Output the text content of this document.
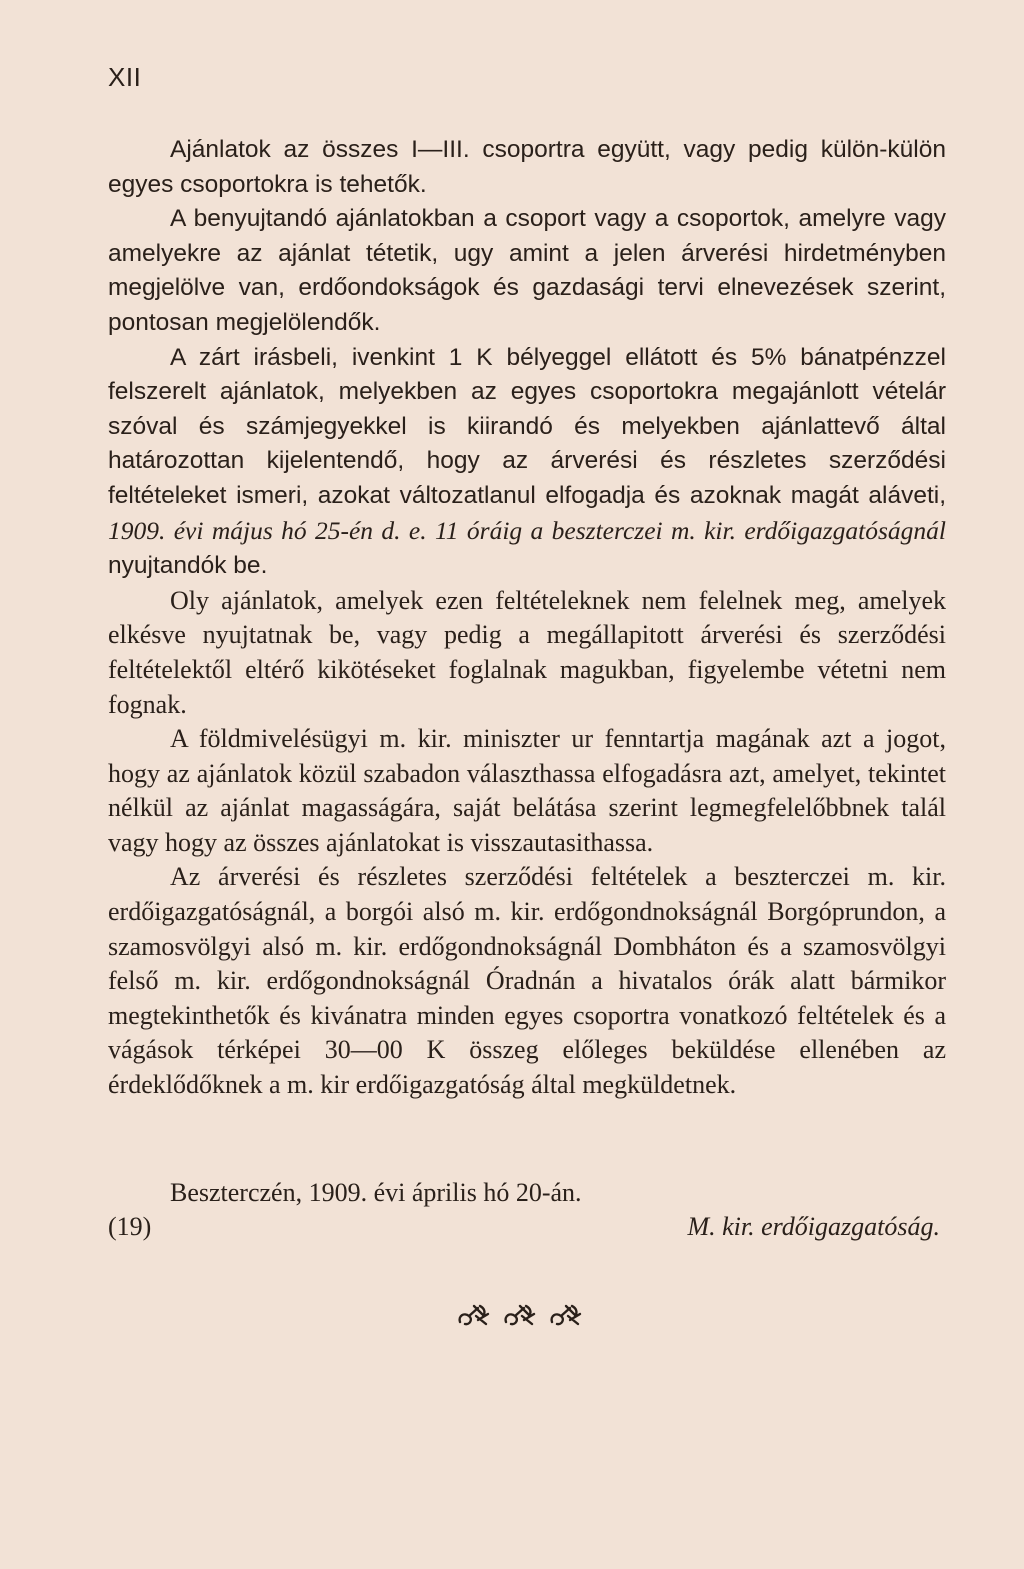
XII

Ajánlatok az összes I—III. csoportra együtt, vagy pedig külön-külön egyes csoportokra is tehetők.

A benyujtandó ajánlatokban a csoport vagy a csoportok, amelyre vagy amelyekre az ajánlat tétetik, ugy amint a jelen árverési hirdetményben megjelölve van, erdőondokságok és gazdasági tervi elnevezések szerint, pontosan megjelölendők.

A zárt irásbeli, ivenkint 1 K bélyeggel ellátott és 5% bánatpénzzel felszerelt ajánlatok, melyekben az egyes csoportokra megajánlott vételár szóval és számjegyekkel is kiirandó és melyekben ajánlattevő által határozottan kijelentendő, hogy az árverési és részletes szerződési feltételeket ismeri, azokat változatlanul elfogadja és azoknak magát aláveti, 1909. évi május hó 25-én d. e. 11 óráig a beszterczei m. kir. erdőigazgatóságnál nyujtandók be.

Oly ajánlatok, amelyek ezen feltételeknek nem felelnek meg, amelyek elkésve nyujtatnak be, vagy pedig a megállapitott árverési és szerződési feltételektől eltérő kikötéseket foglalnak magukban, figyelembe vétetni nem fognak.

A földmivelésügyi m. kir. miniszter ur fenntartja magának azt a jogot, hogy az ajánlatok közül szabadon választhassa elfogadásra azt, amelyet, tekintet nélkül az ajánlat magasságára, saját belátása szerint legmegfelelőbbnek talál vagy hogy az összes ajánlatokat is visszautasithassa.

Az árverési és részletes szerződési feltételek a beszterczei m. kir. erdőigazgatóságnál, a borgói alsó m. kir. erdőgondnokságnál Borgóprundon, a szamosvölgyi alsó m. kir. erdőgondnokságnál Dombháton és a szamosvölgyi felső m. kir. erdőgondnokságnál Óradnán a hivatalos órák alatt bármikor megtekinthetők és kivánatra minden egyes csoportra vonatkozó feltételek és a vágások térképei 30—00 K összeg előleges beküldése ellenében az érdeklődőknek a m. kir erdőigazgatóság által megküldetnek.

Beszterczén, 1909. évi április hó 20-án.
(19)	M. kir. erdőigazgatóság.
